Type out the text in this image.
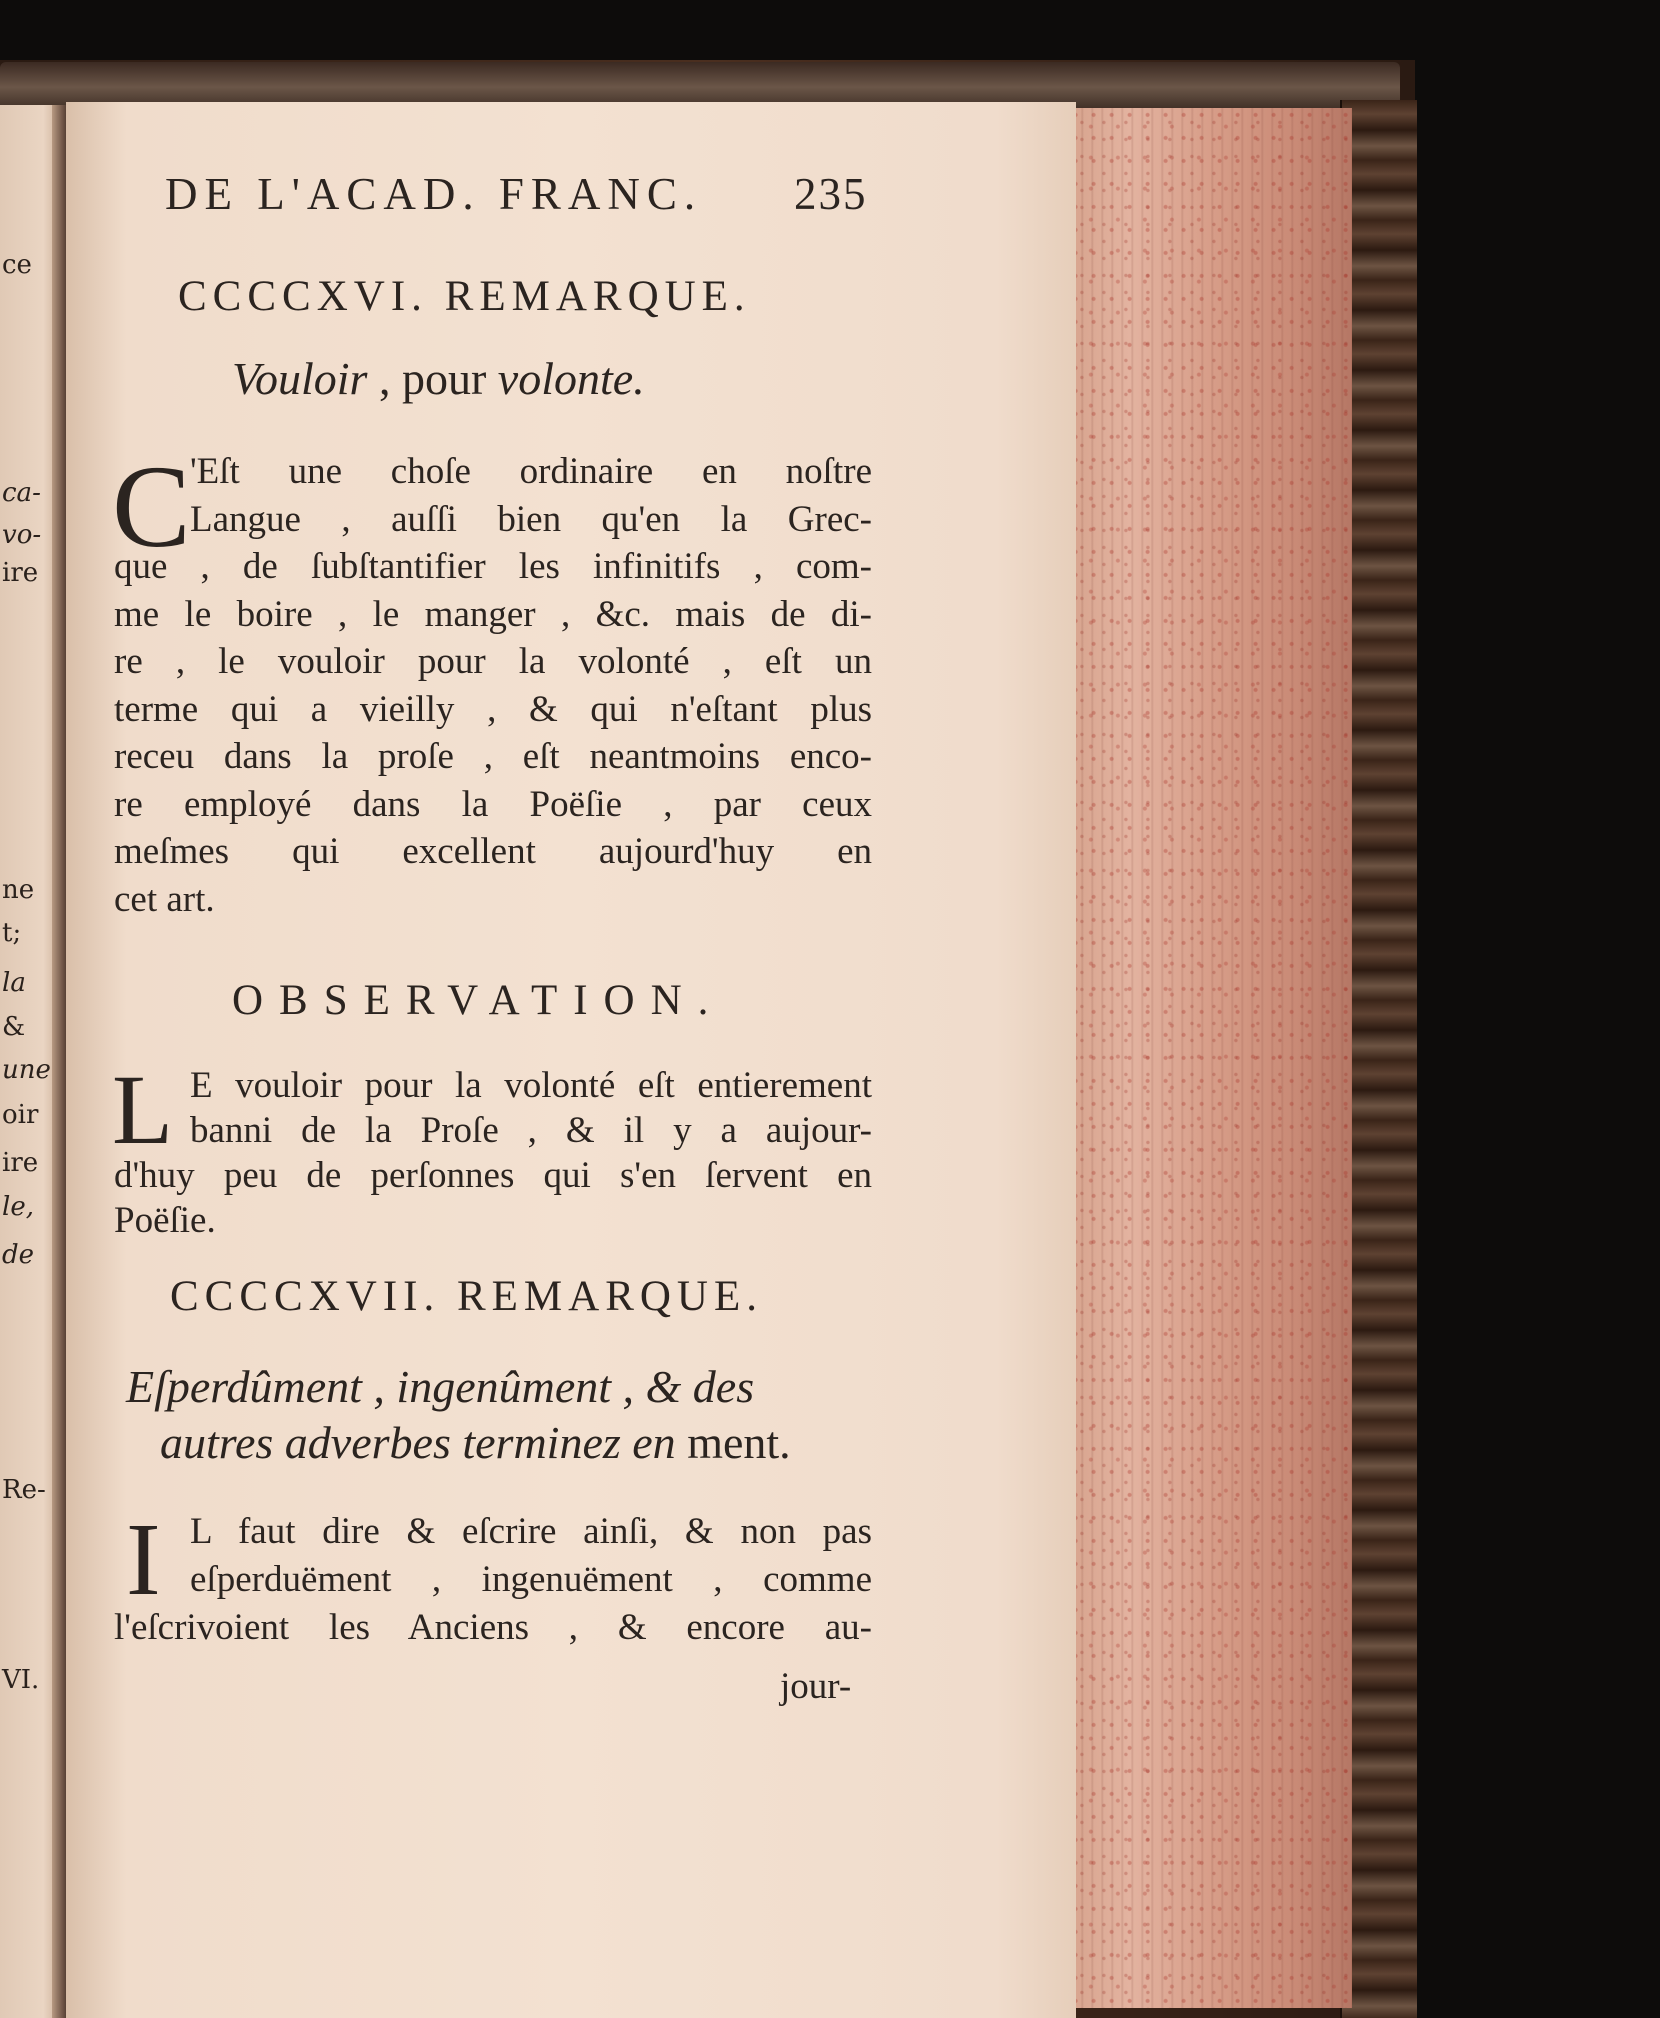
ce
ca-
vo-
ire
ne
t;
la
&
une
oir
ire
le,
de
Re-
VI.
DE L'ACAD. FRANC. 235
CCCCXVI. REMARQUE.
Vouloir , pour volonte.
C 'Eſt une choſe ordinaire en noſtre
Langue , auſſi bien qu'en la Grec-
que , de ſubſtantifier les infinitifs , com-
me le boire , le manger , &c. mais de di-
re , le vouloir pour la volonté , eſt un
terme qui a vieilly , & qui n'eſtant plus
receu dans la proſe , eſt neantmoins enco-
re employé dans la Poëſie , par ceux
meſmes qui excellent aujourd'huy en
cet art.
OBSERVATION.
L E vouloir pour la volonté eſt entierement
banni de la Proſe , & il y a aujour-
d'huy peu de perſonnes qui s'en ſervent en
Poëſie.
CCCCXVII. REMARQUE.
Eſperdûment , ingenûment , & des
autres adverbes terminez en ment.
I L faut dire & eſcrire ainſi, & non pas
eſperduëment , ingenuëment , comme
l'eſcrivoient les Anciens , & encore au-
jour-
